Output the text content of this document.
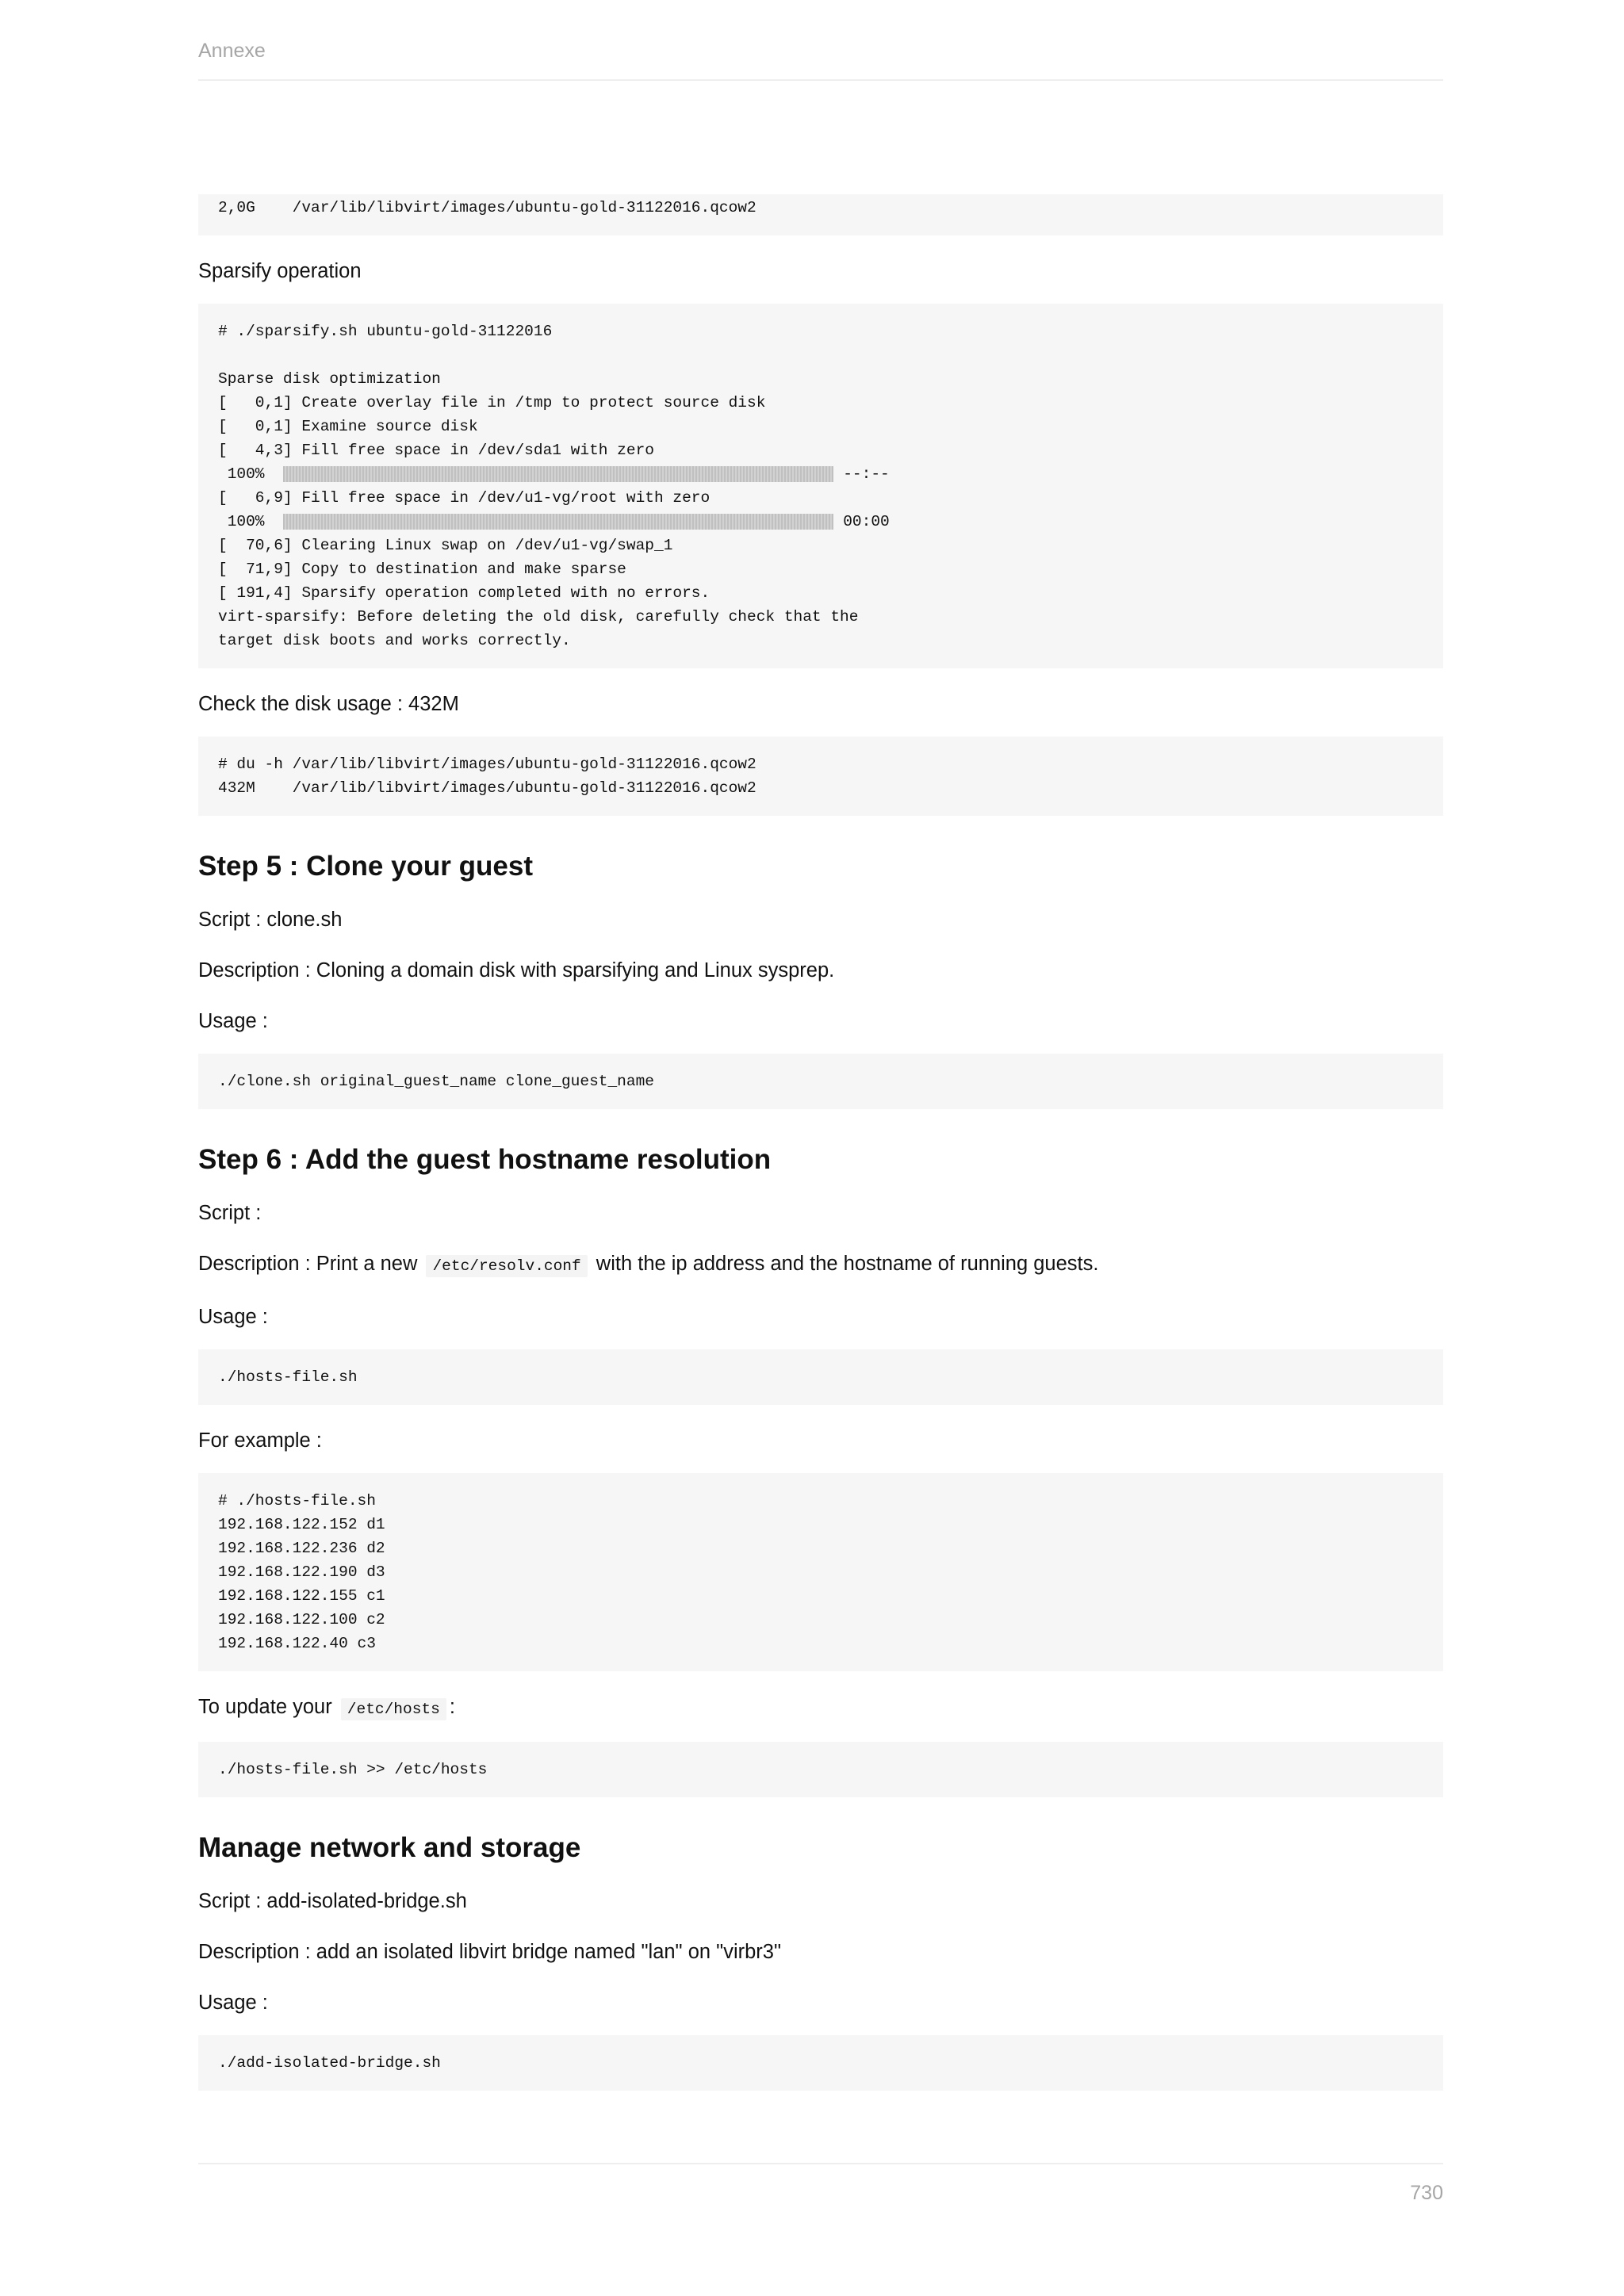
Annexe
2,0G    /var/lib/libvirt/images/ubuntu-gold-31122016.qcow2
Sparsify operation
# ./sparsify.sh ubuntu-gold-31122016

Sparse disk optimization
[   0,1] Create overlay file in /tmp to protect source disk
[   0,1] Examine source disk
[   4,3] Fill free space in /dev/sda1 with zero
100%	--:--
[   6,9] Fill free space in /dev/u1-vg/root with zero
100%	00:00
[  70,6] Clearing Linux swap on /dev/u1-vg/swap_1
[  71,9] Copy to destination and make sparse
[ 191,4] Sparsify operation completed with no errors.
virt-sparsify: Before deleting the old disk, carefully check that the
target disk boots and works correctly.
Check the disk usage : 432M
# du -h /var/lib/libvirt/images/ubuntu-gold-31122016.qcow2
432M    /var/lib/libvirt/images/ubuntu-gold-31122016.qcow2
Step 5 : Clone your guest
Script : clone.sh
Description : Cloning a domain disk with sparsifying and Linux sysprep.
Usage :
./clone.sh original_guest_name clone_guest_name
Step 6 : Add the guest hostname resolution
Script :
Description : Print a new /etc/resolv.conf with the ip address and the hostname of running guests.
Usage :
./hosts-file.sh
For example :
# ./hosts-file.sh
192.168.122.152 d1
192.168.122.236 d2
192.168.122.190 d3
192.168.122.155 c1
192.168.122.100 c2
192.168.122.40 c3
To update your /etc/hosts :
./hosts-file.sh >> /etc/hosts
Manage network and storage
Script : add-isolated-bridge.sh
Description : add an isolated libvirt bridge named "lan" on "virbr3"
Usage :
./add-isolated-bridge.sh
730
